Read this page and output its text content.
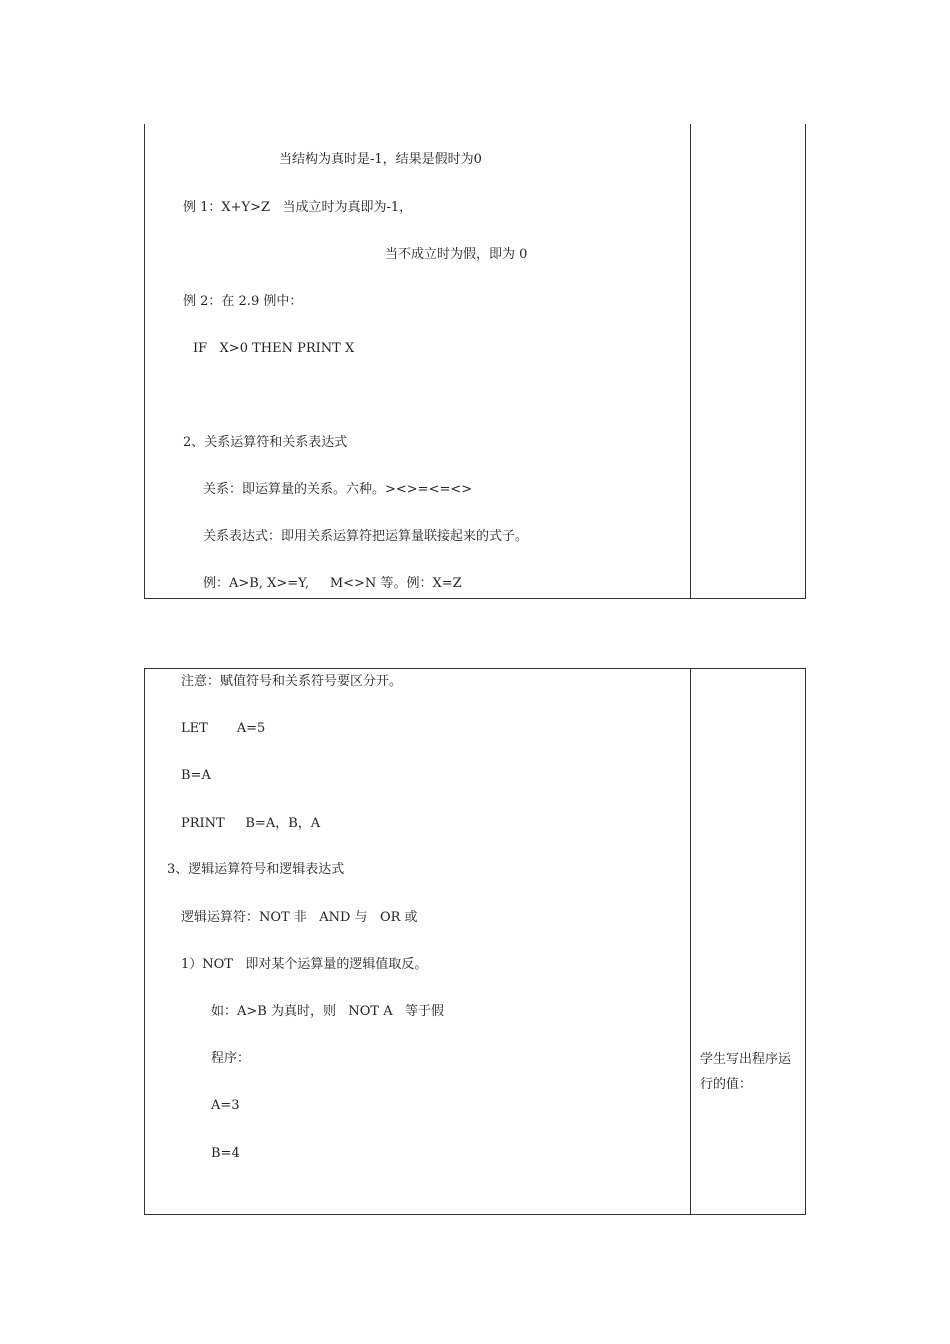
当结构为真时是-1，结果是假时为0
例 1：X+Y>Z   当成立时为真即为-1，
当不成立时为假，即为 0
例 2：在 2.9 例中：
IF   X>0 THEN PRINT X
2、关系运算符和关系表达式
关系：即运算量的关系。六种。><>=<=<>
关系表达式：即用关系运算符把运算量联接起来的式子。
例：A>B, X>=Y,     M<>N 等。例：X=Z
注意：赋值符号和关系符号要区分开。
LET       A=5
B=A
PRINT     B=A，B，A
3、逻辑运算符号和逻辑表达式
逻辑运算符：NOT 非   AND 与   OR 或
1）NOT   即对某个运算量的逻辑值取反。
如：A>B 为真时，则   NOT A   等于假
程序：
A=3
B=4
学生写出程序运行的值：
